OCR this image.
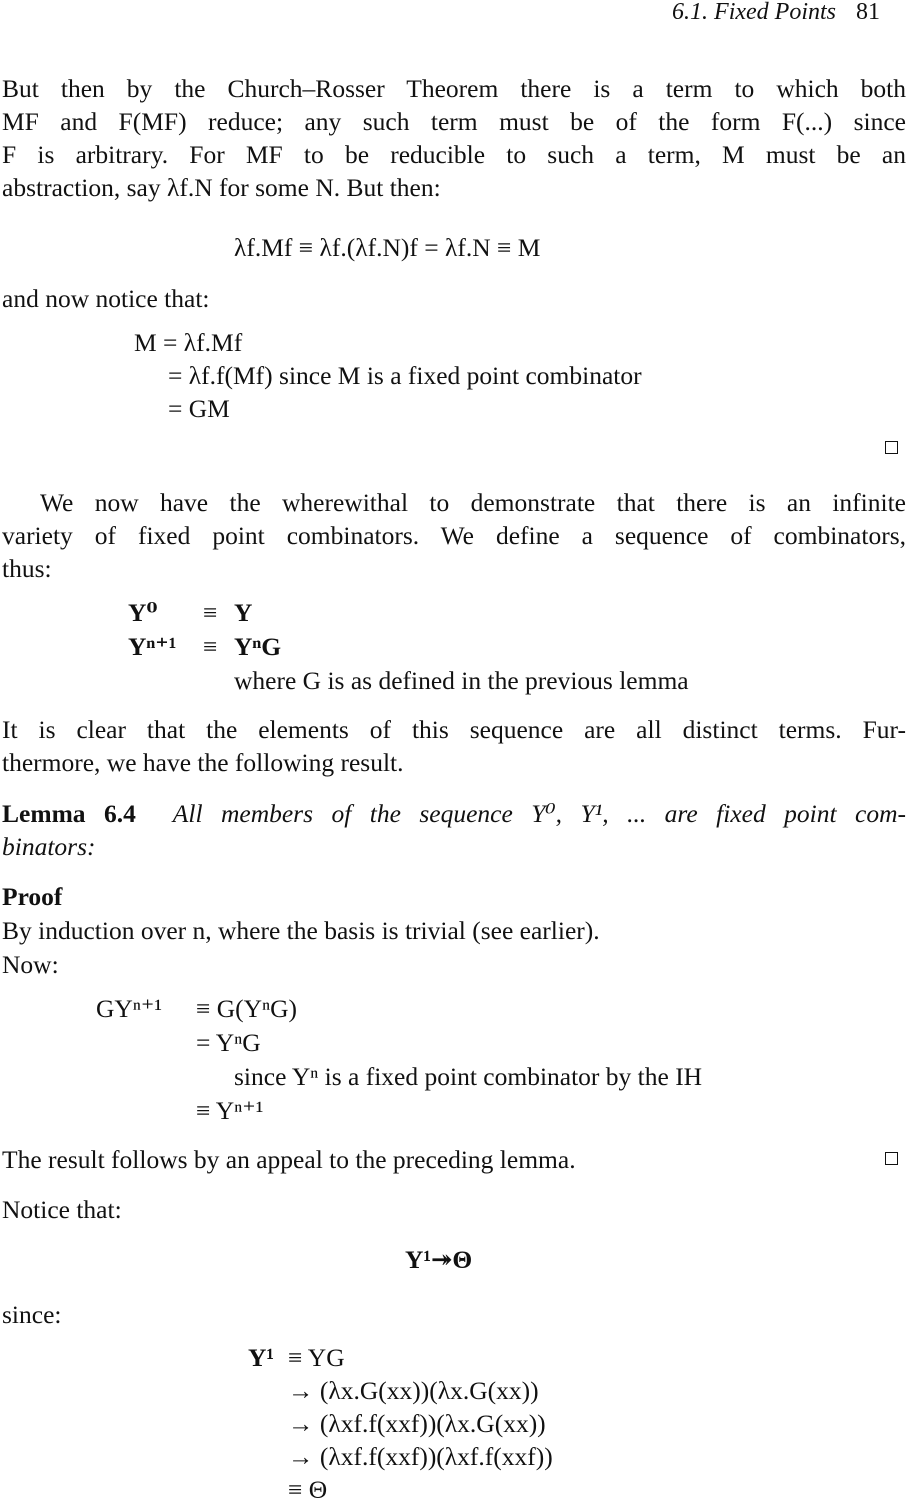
6.1. Fixed Points 81
But then by the Church–Rosser Theorem there is a term to which both
MF and F(MF) reduce; any such term must be of the form F(...) since
F is arbitrary. For MF to be reducible to such a term, M must be an
abstraction, say λf.N for some N. But then:
λf.Mf ≡ λf.(λf.N)f = λf.N ≡ M
and now notice that:
M = λf.Mf
= λf.f(Mf) since M is a fixed point combinator
= GM
We now have the wherewithal to demonstrate that there is an infinite
variety of fixed point combinators. We define a sequence of combinators,
thus:
Y⁰ ≡ Y
Yⁿ⁺¹ ≡ YⁿG
where G is as defined in the previous lemma
It is clear that the elements of this sequence are all distinct terms. Fur-
thermore, we have the following result.
Lemma 6.4 All members of the sequence Y⁰, Y¹, ... are fixed point com-
binators:
Proof
By induction over n, where the basis is trivial (see earlier).
Now:
GYⁿ⁺¹ ≡ G(YⁿG)
= YⁿG
since Yⁿ is a fixed point combinator by the IH
≡ Yⁿ⁺¹
The result follows by an appeal to the preceding lemma.
Notice that:
Y¹↠Θ
since:
Y¹ ≡ YG
→ (λx.G(xx))(λx.G(xx))
→ (λxf.f(xxf))(λx.G(xx))
→ (λxf.f(xxf))(λxf.f(xxf))
≡ Θ
